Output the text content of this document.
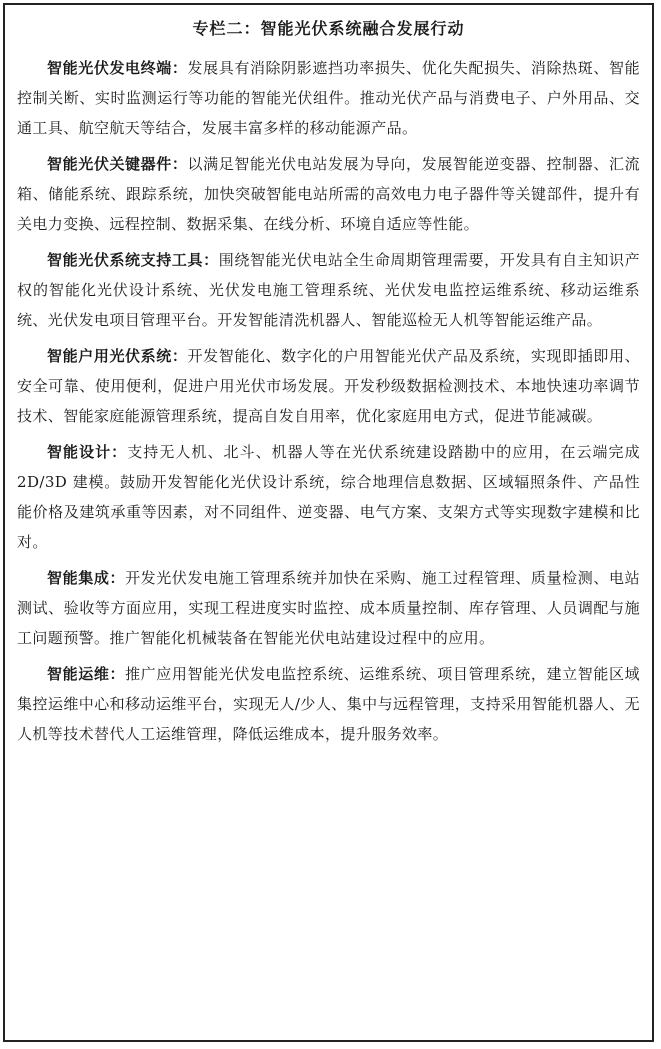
专栏二：智能光伏系统融合发展行动

智能光伏发电终端：发展具有消除阴影遮挡功率损失、优化失配损失、消除热斑、智能控制关断、实时监测运行等功能的智能光伏组件。推动光伏产品与消费电子、户外用品、交通工具、航空航天等结合，发展丰富多样的移动能源产品。

智能光伏关键器件：以满足智能光伏电站发展为导向，发展智能逆变器、控制器、汇流箱、储能系统、跟踪系统，加快突破智能电站所需的高效电力电子器件等关键部件，提升有关电力变换、远程控制、数据采集、在线分析、环境自适应等性能。

智能光伏系统支持工具：围绕智能光伏电站全生命周期管理需要，开发具有自主知识产权的智能化光伏设计系统、光伏发电施工管理系统、光伏发电监控运维系统、移动运维系统、光伏发电项目管理平台。开发智能清洗机器人、智能巡检无人机等智能运维产品。

智能户用光伏系统：开发智能化、数字化的户用智能光伏产品及系统，实现即插即用、安全可靠、使用便利，促进户用光伏市场发展。开发秒级数据检测技术、本地快速功率调节技术、智能家庭能源管理系统，提高自发自用率，优化家庭用电方式，促进节能减碳。

智能设计：支持无人机、北斗、机器人等在光伏系统建设踏勘中的应用，在云端完成 2D/3D 建模。鼓励开发智能化光伏设计系统，综合地理信息数据、区域辐照条件、产品性能价格及建筑承重等因素，对不同组件、逆变器、电气方案、支架方式等实现数字建模和比对。

智能集成：开发光伏发电施工管理系统并加快在采购、施工过程管理、质量检测、电站测试、验收等方面应用，实现工程进度实时监控、成本质量控制、库存管理、人员调配与施工问题预警。推广智能化机械装备在智能光伏电站建设过程中的应用。

智能运维：推广应用智能光伏发电监控系统、运维系统、项目管理系统，建立智能区域集控运维中心和移动运维平台，实现无人/少人、集中与远程管理，支持采用智能机器人、无人机等技术替代人工运维管理，降低运维成本，提升服务效率。
